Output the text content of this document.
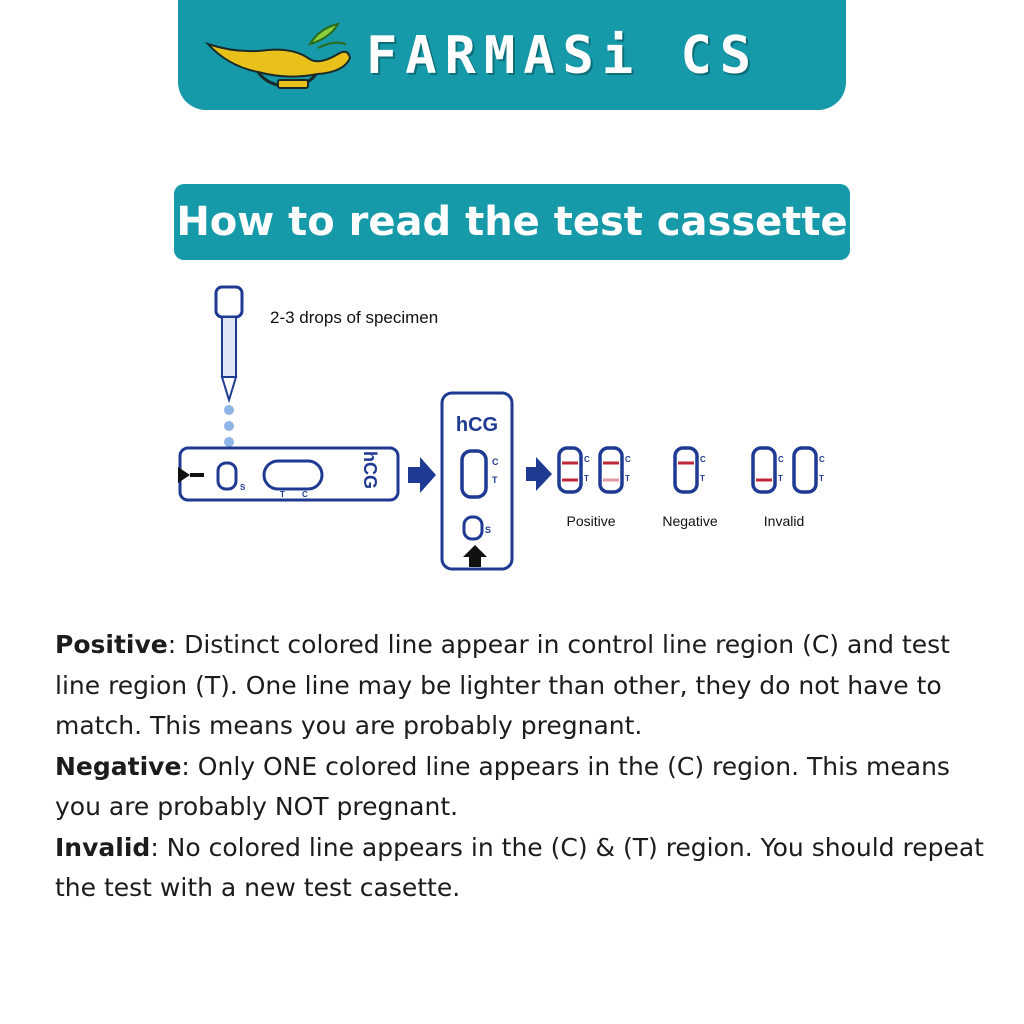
FARMASi CS
How to read the test cassette
2-3 drops of specimen
S
T C
hCG
hCG
C
T
S
C
T
C
T
Positive
C
T
Negative
C
T
C
T
Invalid

Positive: Distinct colored line appear in control line region (C) and test line region (T). One line may be lighter than other, they do not have to match. This means you are probably pregnant.

Negative: Only ONE colored line appears in the (C) region. This means you are probably NOT pregnant.

Invalid: No colored line appears in the (C) & (T) region. You should repeat the test with a new test casette.
